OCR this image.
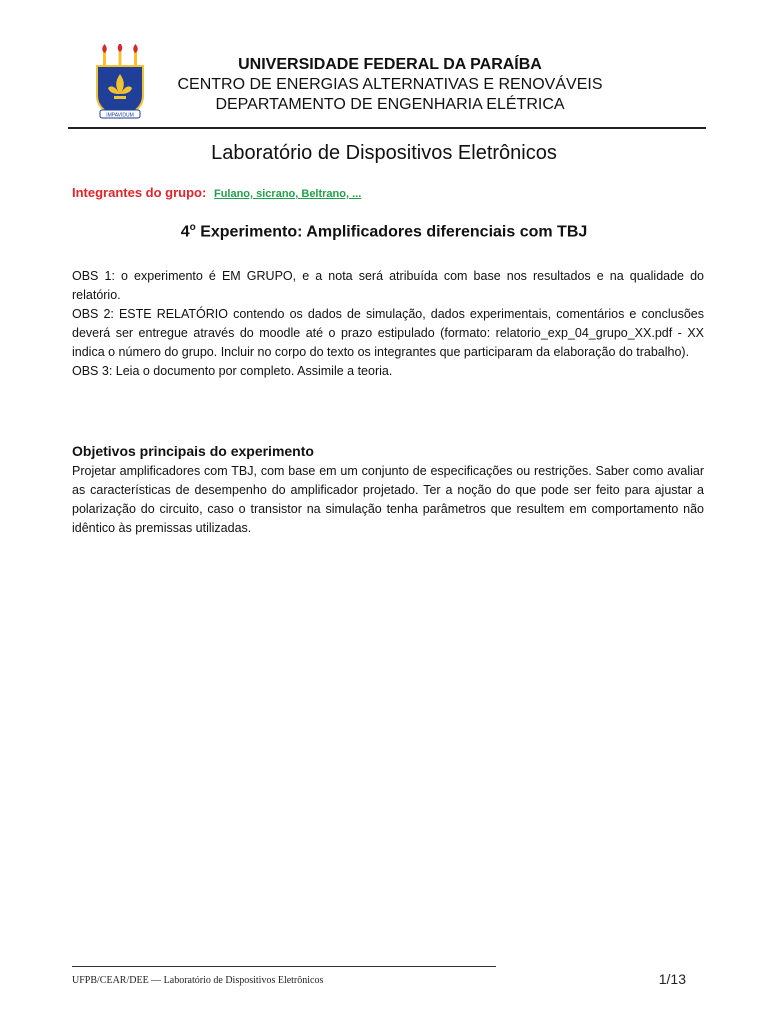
IMPAVIDUM
UNIVERSIDADE FEDERAL DA PARAÍBA
CENTRO DE ENERGIAS ALTERNATIVAS E RENOVÁVEIS
DEPARTAMENTO DE ENGENHARIA ELÉTRICA
Laboratório de Dispositivos Eletrônicos
Integrantes do grupo: Fulano, sicrano, Beltrano, ...
4$^o$ Experimento: Amplificadores diferenciais com TBJ

OBS 1: o experimento é EM GRUPO, e a nota será atribuída com base nos resultados e na qualidade do relatório.

OBS 2: ESTE RELATÓRIO contendo os dados de simulação, dados experimentais, comentários e conclusões deverá ser entregue através do moodle até o prazo estipulado (formato: relatorio_exp_04_grupo_XX.pdf - XX indica o número do grupo. Incluir no corpo do texto os integrantes que participaram da elaboração do trabalho).

OBS 3: Leia o documento por completo. Assimile a teoria.

Objetivos principais do experimento
Projetar amplificadores com TBJ, com base em um conjunto de especificações ou restrições. Saber como avaliar as características de desempenho do amplificador projetado. Ter a noção do que pode ser feito para ajustar a polarização do circuito, caso o transistor na simulação tenha parâmetros que resultem em comportamento não idêntico às premissas utilizadas.
UFPB/CEAR/DEE — Laboratório de Dispositivos Eletrônicos	1/13
